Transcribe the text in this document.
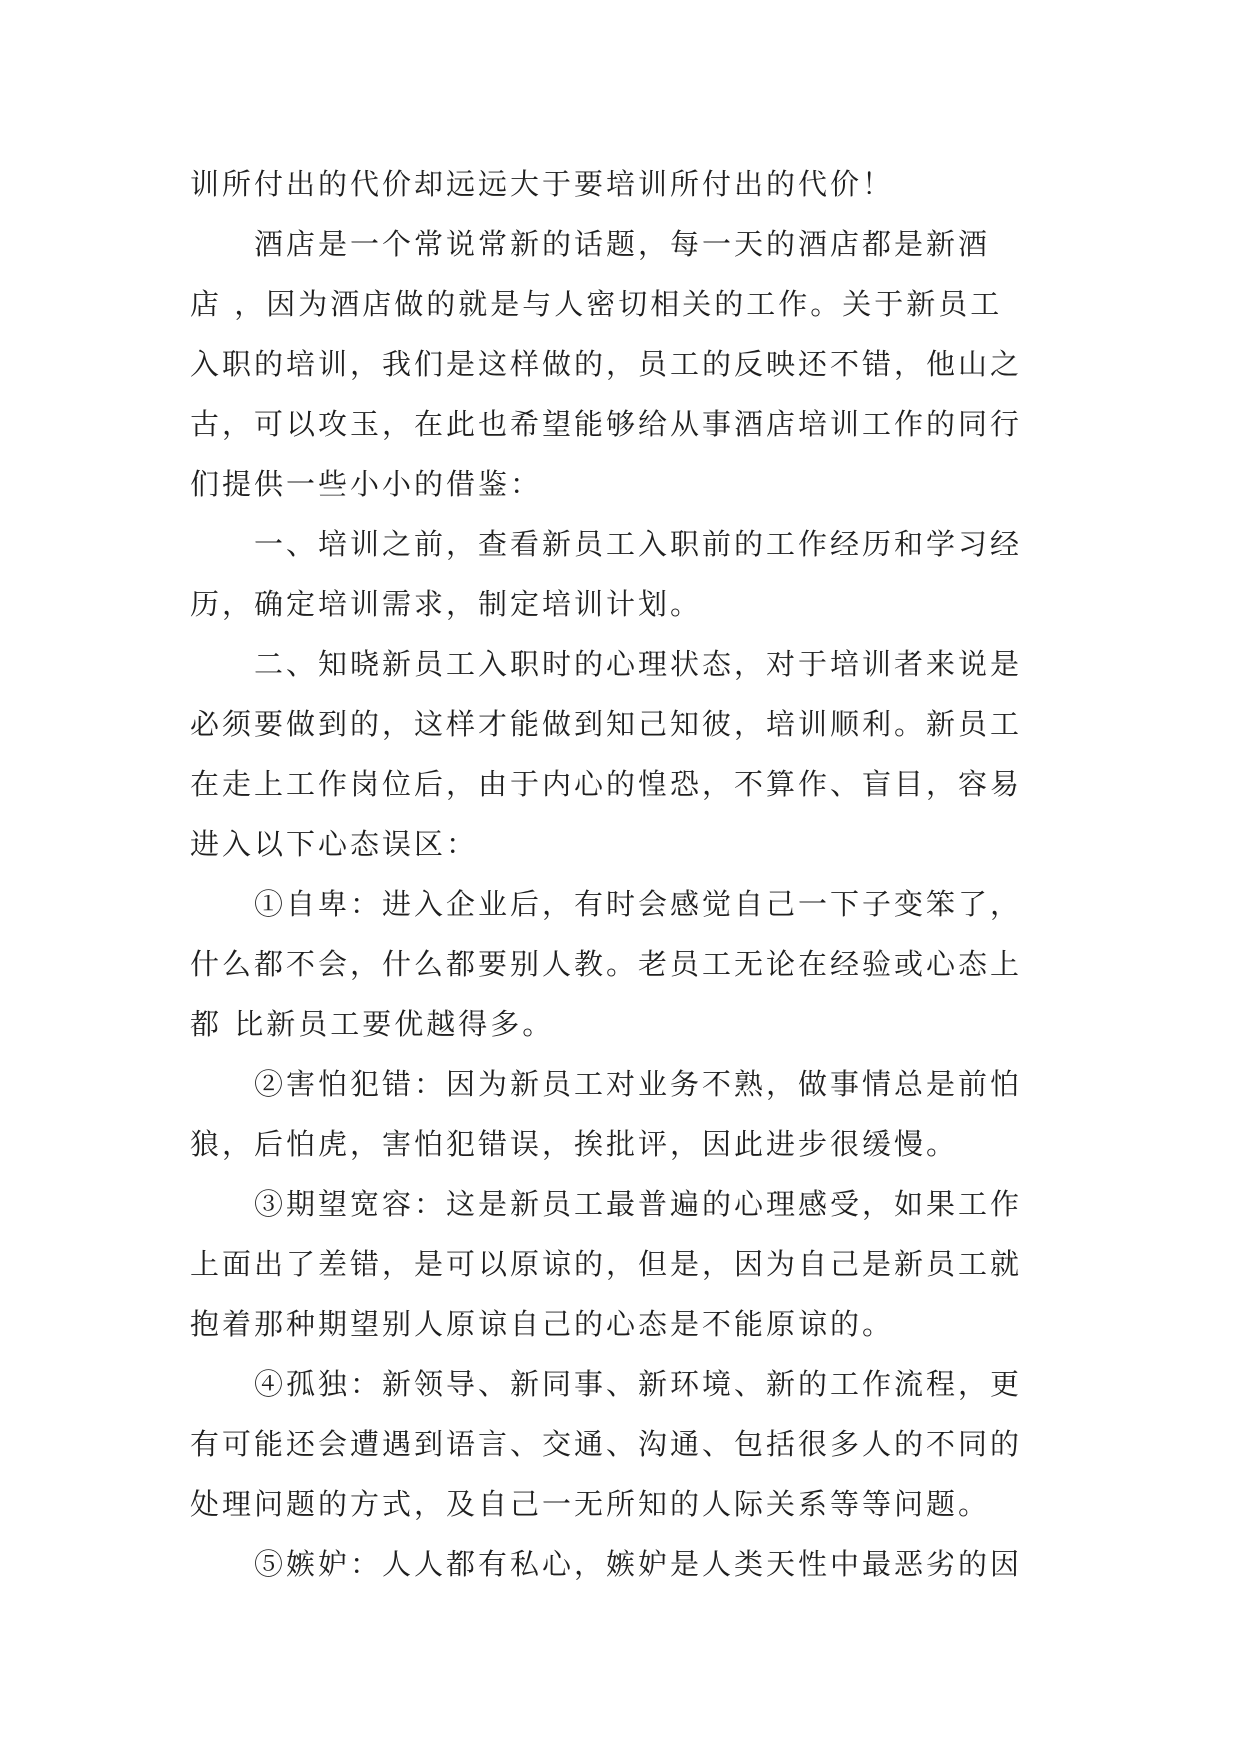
训所付出的代价却远远大于要培训所付出的代价！
酒店是一个常说常新的话题，每一天的酒店都是新酒
店 ，因为酒店做的就是与人密切相关的工作。关于新员工
入职的培训，我们是这样做的，员工的反映还不错，他山之
古，可以攻玉，在此也希望能够给从事酒店培训工作的同行
们提供一些小小的借鉴：
一、培训之前，查看新员工入职前的工作经历和学习经
历，确定培训需求，制定培训计划。
二、知晓新员工入职时的心理状态，对于培训者来说是
必须要做到的，这样才能做到知己知彼，培训顺利。新员工
在走上工作岗位后，由于内心的惶恐，不算作、盲目，容易
进入以下心态误区：
①自卑：进入企业后，有时会感觉自己一下子变笨了，
什么都不会，什么都要别人教。老员工无论在经验或心态上
都 比新员工要优越得多。
②害怕犯错：因为新员工对业务不熟，做事情总是前怕
狼，后怕虎，害怕犯错误，挨批评，因此进步很缓慢。
③期望宽容：这是新员工最普遍的心理感受，如果工作
上面出了差错，是可以原谅的，但是，因为自己是新员工就
抱着那种期望别人原谅自己的心态是不能原谅的。
④孤独：新领导、新同事、新环境、新的工作流程，更
有可能还会遭遇到语言、交通、沟通、包括很多人的不同的
处理问题的方式，及自己一无所知的人际关系等等问题。
⑤嫉妒：人人都有私心，嫉妒是人类天性中最恶劣的因
